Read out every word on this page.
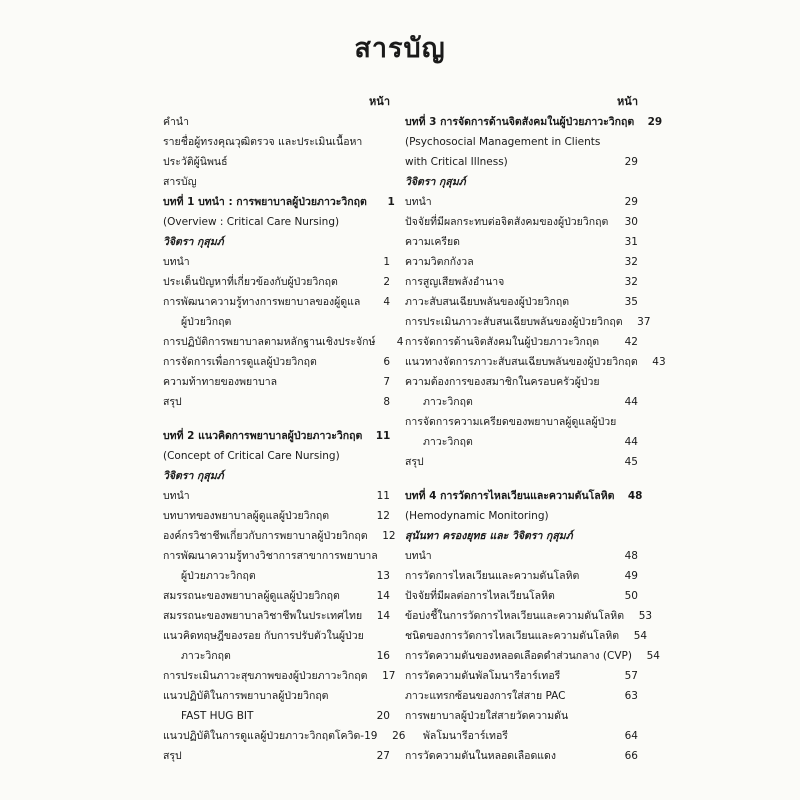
สารบัญ
หน้า
คำนำ
รายชื่อผู้ทรงคุณวุฒิตรวจ และประเมินเนื้อหา
ประวัติผู้นิพนธ์
สารบัญ
บทที่ 1 บทนำ : การพยาบาลผู้ป่วยภาวะวิกฤต	1
(Overview : Critical Care Nursing)
วิจิตรา กุสุมภ์
บทนำ	1
ประเด็นปัญหาที่เกี่ยวข้องกับผู้ป่วยวิกฤต	2
การพัฒนาความรู้ทางการพยาบาลของผู้ดูแล	4
ผู้ป่วยวิกฤต
การปฏิบัติการพยาบาลตามหลักฐานเชิงประจักษ์	4
การจัดการเพื่อการดูแลผู้ป่วยวิกฤต	6
ความท้าทายของพยาบาล	7
สรุป	8
บทที่ 2 แนวคิดการพยาบาลผู้ป่วยภาวะวิกฤต	11
(Concept of Critical Care Nursing)
วิจิตรา กุสุมภ์
บทนำ	11
บทบาทของพยาบาลผู้ดูแลผู้ป่วยวิกฤต	12
องค์กรวิชาชีพเกี่ยวกับการพยาบาลผู้ป่วยวิกฤต	12
การพัฒนาความรู้ทางวิชาการสาขาการพยาบาล
ผู้ป่วยภาวะวิกฤต	13
สมรรถนะของพยาบาลผู้ดูแลผู้ป่วยวิกฤต	14
สมรรถนะของพยาบาลวิชาชีพในประเทศไทย	14
แนวคิดทฤษฎีของรอย กับการปรับตัวในผู้ป่วย
ภาวะวิกฤต	16
การประเมินภาวะสุขภาพของผู้ป่วยภาวะวิกฤต	17
แนวปฏิบัติในการพยาบาลผู้ป่วยวิกฤต
FAST HUG BIT	20
แนวปฏิบัติในการดูแลผู้ป่วยภาวะวิกฤตโควิด-19	26
สรุป	27
หน้า
บทที่ 3 การจัดการด้านจิตสังคมในผู้ป่วยภาวะวิกฤต	29
(Psychosocial Management in Clients
with Critical Illness)	29
วิจิตรา กุสุมภ์
บทนำ	29
ปัจจัยที่มีผลกระทบต่อจิตสังคมของผู้ป่วยวิกฤต	30
ความเครียด	31
ความวิตกกังวล	32
การสูญเสียพลังอำนาจ	32
ภาวะสับสนเฉียบพลันของผู้ป่วยวิกฤต	35
การประเมินภาวะสับสนเฉียบพลันของผู้ป่วยวิกฤต	37
การจัดการด้านจิตสังคมในผู้ป่วยภาวะวิกฤต	42
แนวทางจัดการภาวะสับสนเฉียบพลันของผู้ป่วยวิกฤต	43
ความต้องการของสมาชิกในครอบครัวผู้ป่วย
ภาวะวิกฤต	44
การจัดการความเครียดของพยาบาลผู้ดูแลผู้ป่วย
ภาวะวิกฤต	44
สรุป	45
บทที่ 4 การวัดการไหลเวียนและความดันโลหิต	48
(Hemodynamic Monitoring)
สุนันทา ครองยุทธ และ วิจิตรา กุสุมภ์
บทนำ	48
การวัดการไหลเวียนและความดันโลหิต	49
ปัจจัยที่มีผลต่อการไหลเวียนโลหิต	50
ข้อบ่งชี้ในการวัดการไหลเวียนและความดันโลหิต	53
ชนิดของการวัดการไหลเวียนและความดันโลหิต	54
การวัดความดันของหลอดเลือดดำส่วนกลาง (CVP)	54
การวัดความดันพัลโมนารีอาร์เทอรี	57
ภาวะแทรกซ้อนของการใส่สาย PAC	63
การพยาบาลผู้ป่วยใส่สายวัดความดัน
พัลโมนารีอาร์เทอรี	64
การวัดความดันในหลอดเลือดแดง	66
